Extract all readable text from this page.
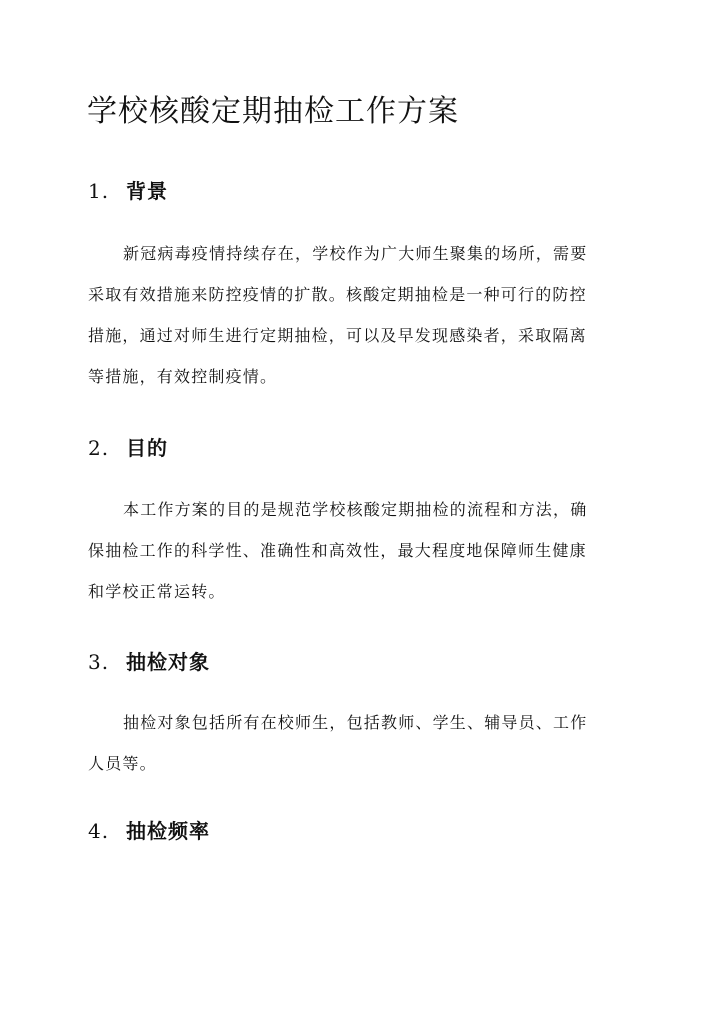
学校核酸定期抽检工作方案
1. 背景
新冠病毒疫情持续存在，学校作为广大师生聚集的场所，需要
采取有效措施来防控疫情的扩散。核酸定期抽检是一种可行的防控
措施，通过对师生进行定期抽检，可以及早发现感染者，采取隔离
等措施，有效控制疫情。
2. 目的
本工作方案的目的是规范学校核酸定期抽检的流程和方法，确
保抽检工作的科学性、准确性和高效性，最大程度地保障师生健康
和学校正常运转。
3. 抽检对象
抽检对象包括所有在校师生，包括教师、学生、辅导员、工作
人员等。
4. 抽检频率
